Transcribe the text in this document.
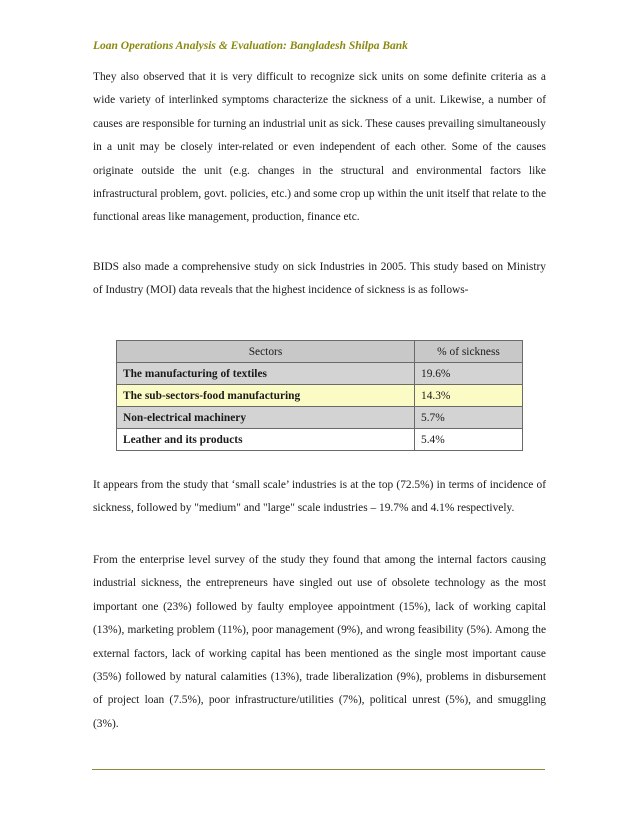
Loan Operations Analysis & Evaluation: Bangladesh Shilpa Bank
They also observed that it is very difficult to recognize sick units on some definite criteria as a wide variety of interlinked symptoms characterize the sickness of a unit. Likewise, a number of causes are responsible for turning an industrial unit as sick. These causes prevailing simultaneously in a unit may be closely inter-related or even independent of each other. Some of the causes originate outside the unit (e.g. changes in the structural and environmental factors like infrastructural problem, govt. policies, etc.) and some crop up within the unit itself that relate to the functional areas like management, production, finance etc.
BIDS also made a comprehensive study on sick Industries in 2005. This study based on Ministry of Industry (MOI) data reveals that the highest incidence of sickness is as follows-
Sectors	% of sickness
The manufacturing of textiles	19.6%
The sub-sectors-food manufacturing	14.3%
Non-electrical machinery	5.7%
Leather and its products	5.4%
It appears from the study that ‘small scale’ industries is at the top (72.5%) in terms of incidence of sickness, followed by "medium" and "large" scale industries – 19.7% and 4.1% respectively.
From the enterprise level survey of the study they found that among the internal factors causing industrial sickness, the entrepreneurs have singled out use of obsolete technology as the most important one (23%) followed by faulty employee appointment (15%), lack of working capital (13%), marketing problem (11%), poor management (9%), and wrong feasibility (5%). Among the external factors, lack of working capital has been mentioned as the single most important cause (35%) followed by natural calamities (13%), trade liberalization (9%), problems in disbursement of project loan (7.5%), poor infrastructure/utilities (7%), political unrest (5%), and smuggling (3%).
